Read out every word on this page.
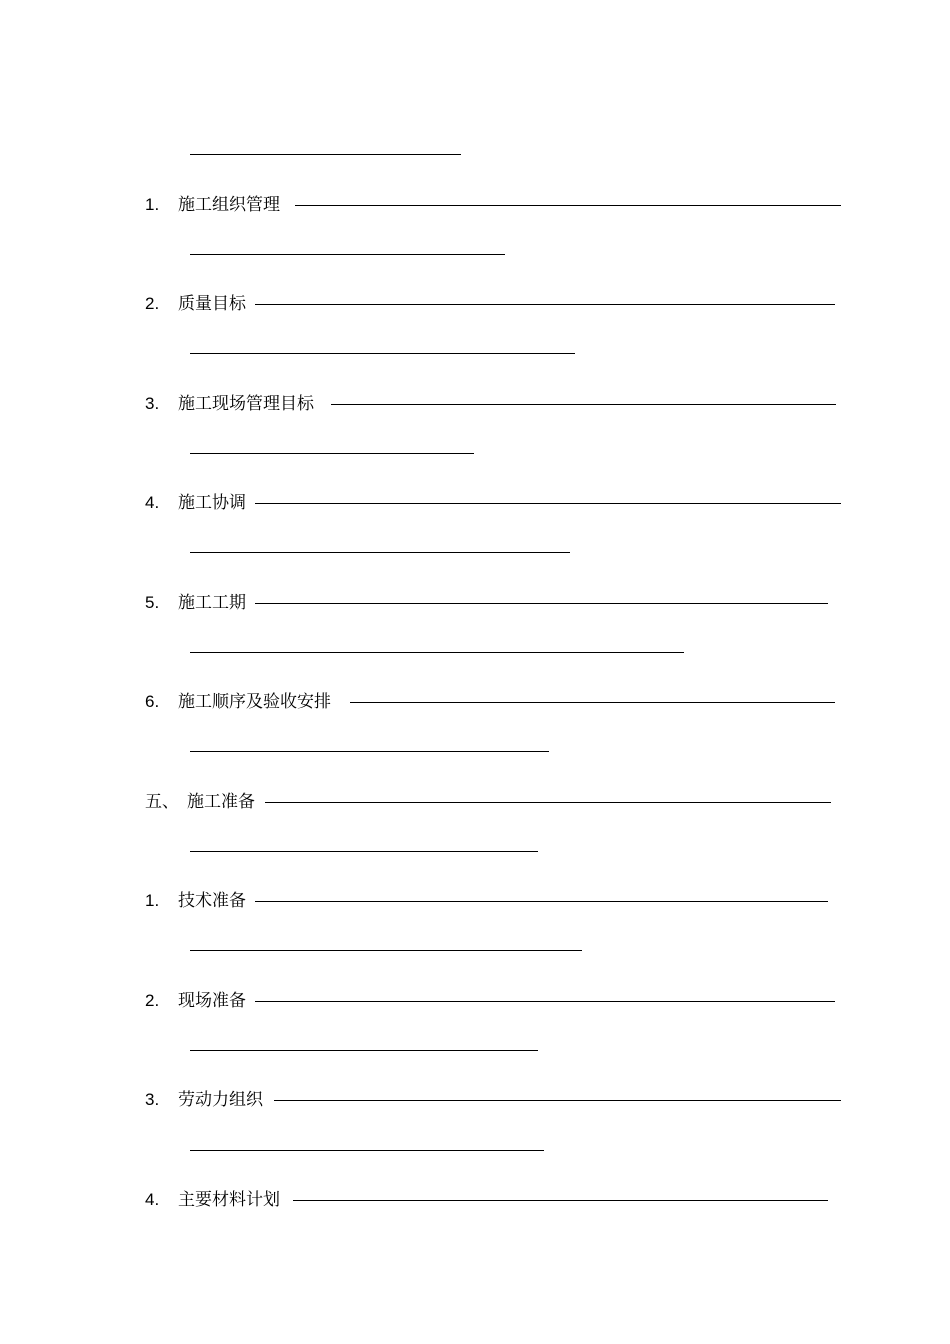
1. 施工组织管理
2. 质量目标
3. 施工现场管理目标
4. 施工协调
5. 施工工期
6. 施工顺序及验收安排
五、 施工准备
1. 技术准备
2. 现场准备
3. 劳动力组织
4. 主要材料计划
